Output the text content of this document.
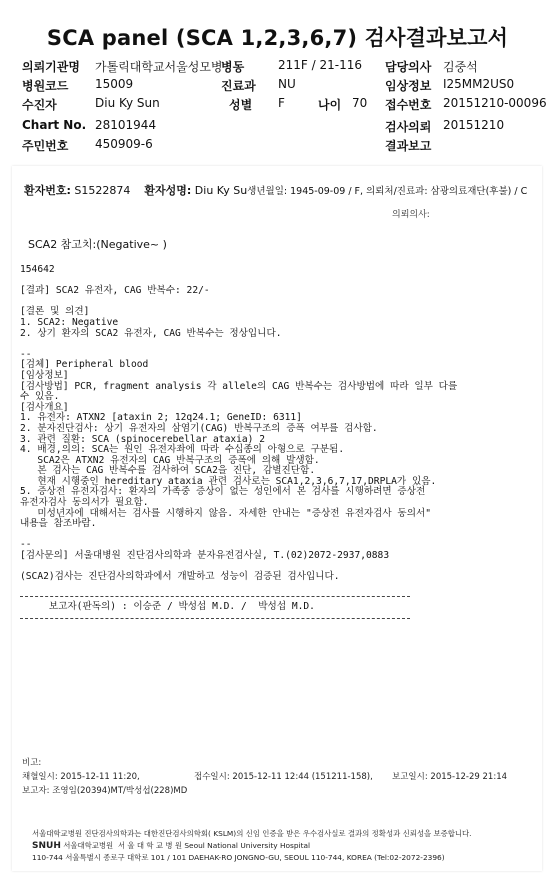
SCA panel (SCA 1,2,3,6,7) 검사결과보고서
의뢰기관명 가톨릭대학교서울성모병
병동	211F / 21-116 담당의사 김중석
병원코드 15009	진료과 NU	임상정보 I25MM2US0
수진자	Diu Ky Sun	성별 F	나이 70 접수번호 20151210-00096
Chart No. 28101944	검사의뢰 20151210
주민번호 450909-6	결과보고
환자번호: S1522874 환자성명: Diu Ky Su생년월일: 1945-09-09 / F, 의뢰처/진료과: 삼광의료재단(후불) / C
의뢰의사:
SCA2 참고치:(Negative~ )
154642

[결과] SCA2 유전자, CAG 반복수: 22/-

[결론 및 의견]
1. SCA2: Negative
2. 상기 환자의 SCA2 유전자, CAG 반복수는 정상입니다.

--
[검체] Peripheral blood
[임상정보]
[검사방법] PCR, fragment analysis 각 allele의 CAG 반복수는 검사방법에 따라 일부 다를
수 있음.
[검사개요]
1. 유전자: ATXN2 [ataxin 2; 12q24.1; GeneID: 6311]
2. 분자진단검사: 상기 유전자의 삼염기(CAG) 반복구조의 증폭 여부를 검사함.
3. 관련 질환: SCA (spinocerebellar ataxia) 2
4. 배경,의의: SCA는 원인 유전자좌에 따라 수십종의 아형으로 구분됨.
SCA2은 ATXN2 유전자의 CAG 반복구조의 증폭에 의해 발생함.
본 검사는 CAG 반복수를 검사하여 SCA2을 진단, 감별진단함.
현재 시행중인 hereditary ataxia 관련 검사로는 SCA1,2,3,6,7,17,DRPLA가 있음.
5. 증상전 유전자검사: 환자의 가족중 증상이 없는 성인에서 본 검사를 시행하려면 증상전
유전자검사 동의서가 필요함.
미성년자에 대해서는 검사를 시행하지 않음. 자세한 안내는 "증상전 유전자검사 동의서"
내용을 참조바람.

--
[검사문의] 서울대병원 진단검사의학과 분자유전검사실, T.(02)2072-2937,0883

(SCA2)검사는 진단검사의학과에서 개발하고 성능이 검증된 검사입니다.
보고자(판독의) : 이승준 / 박성섭 M.D. /  박성섭 M.D.
비고:
채혈일시: 2015-12-11 11:20,	접수일시: 2015-12-11 12:44 (151211-158), 보고일시: 2015-12-29 21:14
보고자: 조영임(20394)MT/박성섭(228)MD
서울대학교병원 진단검사의학과는 대한진단검사의학회( KSLM)의 신임 인증을 받은 우수검사실로 결과의 정확성과 신뢰성을 보증합니다.
SNUH 서울대학교병원 서 울 대 학 교 병 원 Seoul National University Hospital
110-744 서울특별시 종로구 대학로 101 / 101 DAEHAK-RO JONGNO-GU, SEOUL 110-744, KOREA (Tel:02-2072-2396)
